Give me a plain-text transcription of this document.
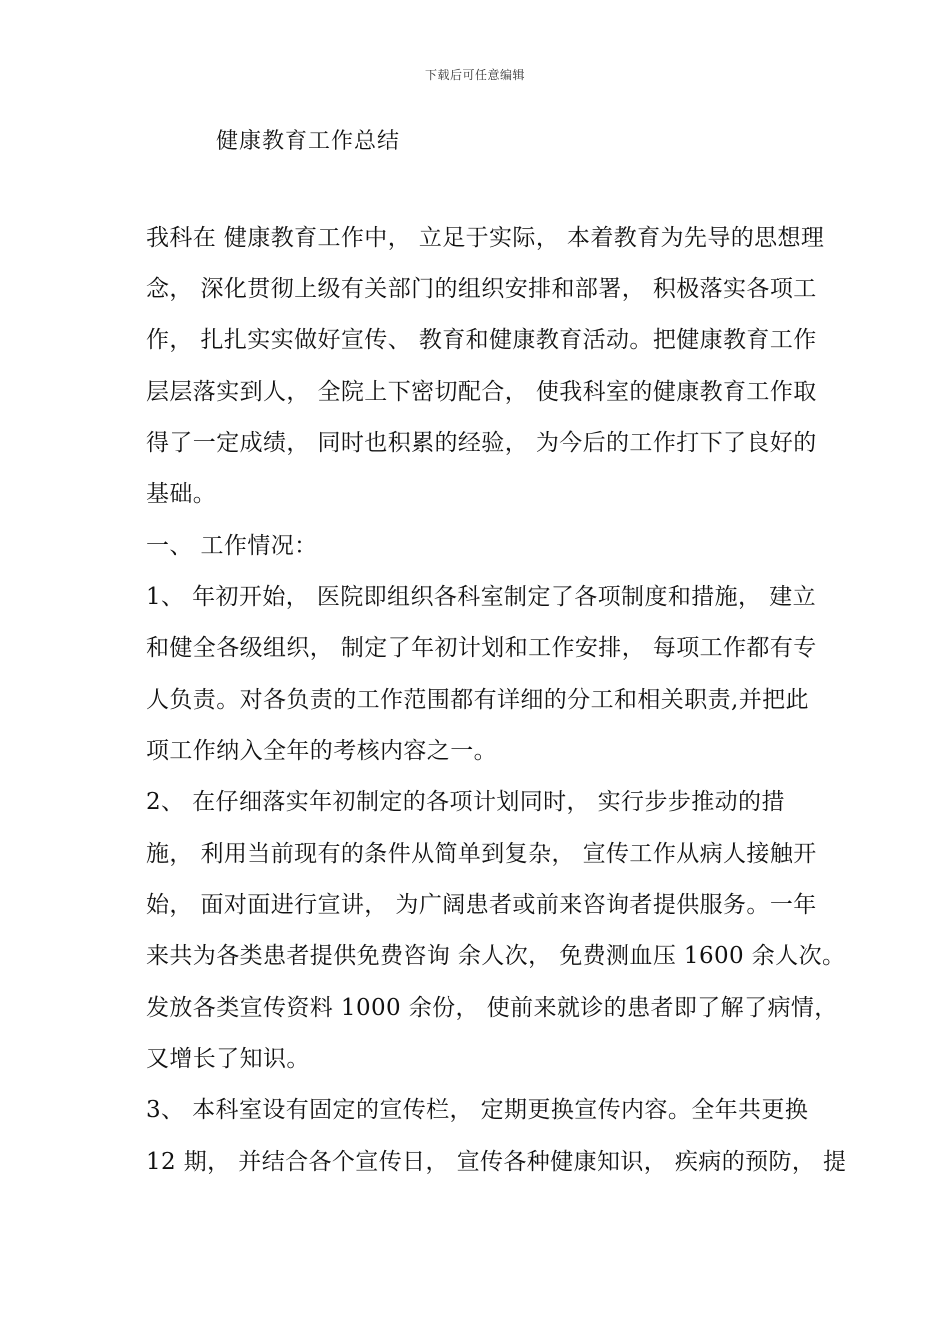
下载后可任意编辑
健康教育工作总结
我科在 健康教育工作中， 立足于实际， 本着教育为先导的思想理
念， 深化贯彻上级有关部门的组织安排和部署， 积极落实各项工
作， 扎扎实实做好宣传、 教育和健康教育活动。把健康教育工作
层层落实到人， 全院上下密切配合， 使我科室的健康教育工作取
得了一定成绩， 同时也积累的经验， 为今后的工作打下了良好的
基础。
一、 工作情况：
1、 年初开始， 医院即组织各科室制定了各项制度和措施， 建立
和健全各级组织， 制定了年初计划和工作安排， 每项工作都有专
人负责。对各负责的工作范围都有详细的分工和相关职责,并把此
项工作纳入全年的考核内容之一。
2、 在仔细落实年初制定的各项计划同时， 实行步步推动的措
施， 利用当前现有的条件从简单到复杂， 宣传工作从病人接触开
始， 面对面进行宣讲， 为广阔患者或前来咨询者提供服务。一年
来共为各类患者提供免费咨询 余人次， 免费测血压 1600 余人次。
发放各类宣传资料 1000 余份， 使前来就诊的患者即了解了病情，
又增长了知识。
3、 本科室设有固定的宣传栏， 定期更换宣传内容。全年共更换
12 期， 并结合各个宣传日， 宣传各种健康知识， 疾病的预防， 提
